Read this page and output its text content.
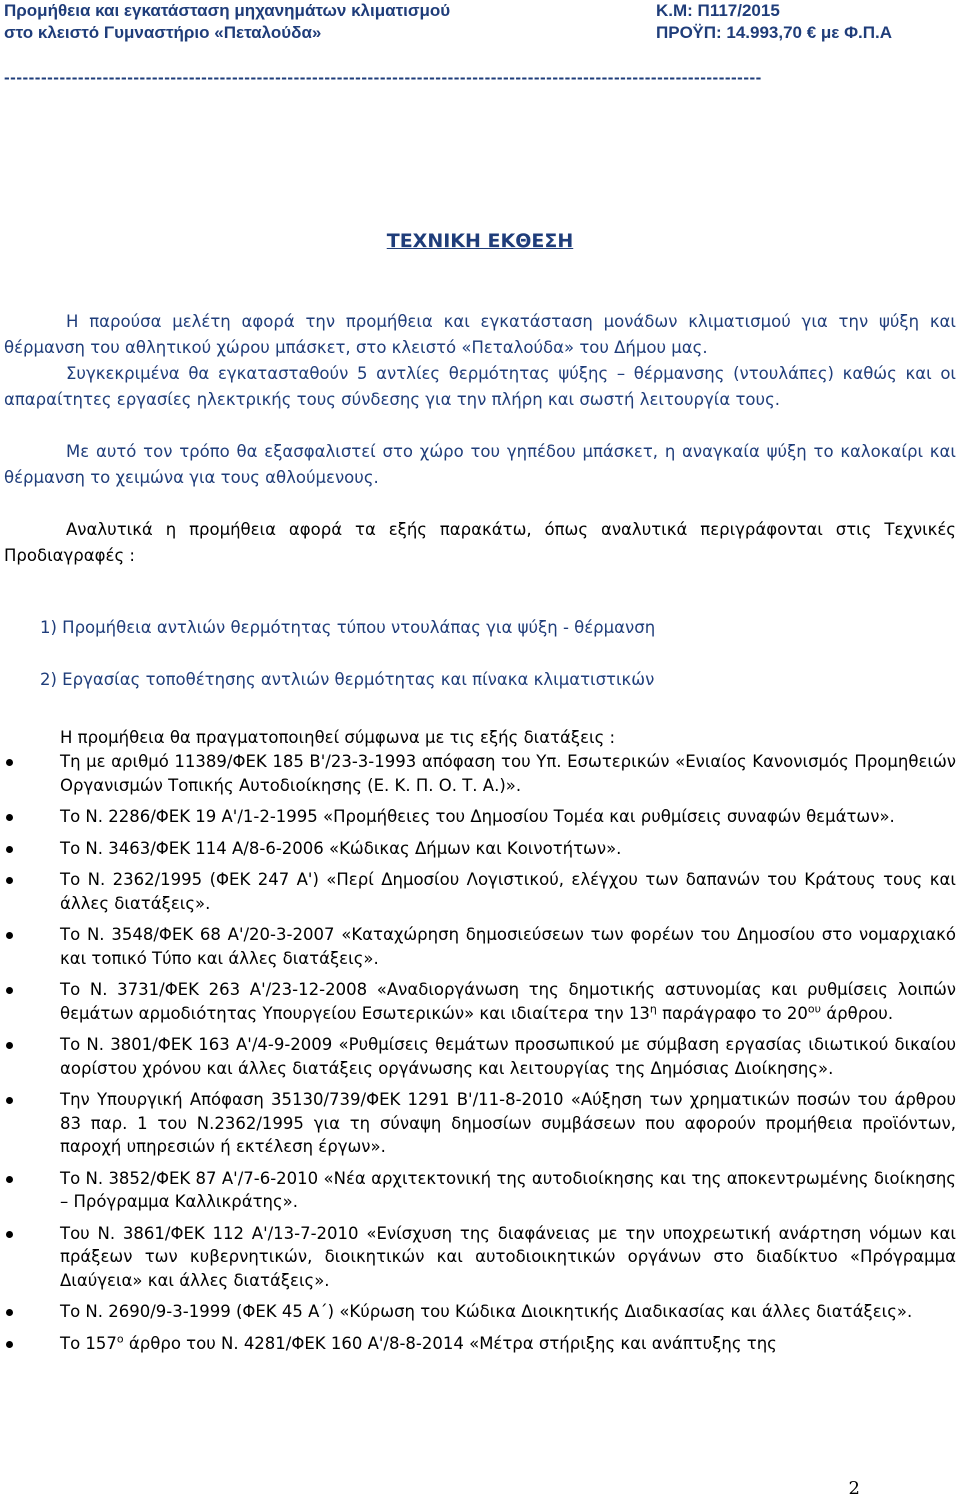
Προμήθεια και εγκατάσταση μηχανημάτων κλιματισμού	Κ.Μ: Π117/2015
στο κλειστό Γυμναστήριο «Πεταλούδα»	ΠΡΟΫΠ: 14.993,70 € με Φ.Π.Α
---------------------------------------------------------------------------------------------------------------------------
ΤΕΧΝΙΚΗ ΕΚΘΕΣΗ
Η παρούσα μελέτη αφορά την προμήθεια και εγκατάσταση μονάδων κλιματισμού για την ψύξη και θέρμανση του αθλητικού χώρου μπάσκετ, στο κλειστό «Πεταλούδα» του Δήμου μας.
Συγκεκριμένα θα εγκατασταθούν 5 αντλίες θερμότητας ψύξης – θέρμανσης (ντουλάπες) καθώς και οι απαραίτητες εργασίες ηλεκτρικής τους σύνδεσης για την πλήρη και σωστή λειτουργία τους.
Με αυτό τον τρόπο θα εξασφαλιστεί στο χώρο του γηπέδου μπάσκετ, η αναγκαία ψύξη το καλοκαίρι και θέρμανση το χειμώνα για τους αθλούμενους.
Αναλυτικά η προμήθεια αφορά τα εξής παρακάτω, όπως αναλυτικά περιγράφονται στις Τεχνικές Προδιαγραφές :
1) Προμήθεια αντλιών θερμότητας τύπου ντουλάπας για ψύξη - θέρμανση
2) Εργασίας τοποθέτησης αντλιών θερμότητας και πίνακα κλιματιστικών
Η προμήθεια θα πραγματοποιηθεί σύμφωνα με τις εξής διατάξεις :
Τη με αριθμό 11389/ΦΕΚ 185 Β'/23-3-1993 απόφαση του Υπ. Εσωτερικών «Ενιαίος Κανονισμός Προμηθειών Οργανισμών Τοπικής Αυτοδιοίκησης (Ε. Κ. Π. Ο. Τ. Α.)».
Το Ν. 2286/ΦΕΚ 19 Α'/1-2-1995 «Προμήθειες του Δημοσίου Τομέα και ρυθμίσεις συναφών θεμάτων».
Το Ν. 3463/ΦΕΚ 114 Α/8-6-2006 «Κώδικας Δήμων και Κοινοτήτων».
Το Ν. 2362/1995 (ΦΕΚ 247 Α') «Περί Δημοσίου Λογιστικού, ελέγχου των δαπανών του Κράτους τους και άλλες διατάξεις».
Το Ν. 3548/ΦΕΚ 68 Α'/20-3-2007 «Καταχώρηση δημοσιεύσεων των φορέων του Δημοσίου στο νομαρχιακό και τοπικό Τύπο και άλλες διατάξεις».
Το Ν. 3731/ΦΕΚ 263 Α'/23-12-2008 «Αναδιοργάνωση της δημοτικής αστυνομίας και ρυθμίσεις λοιπών θεμάτων αρμοδιότητας Υπουργείου Εσωτερικών» και ιδιαίτερα την $13^\eta$ παράγραφο το $20^{o\upsilon}$ άρθρου.
Το Ν. 3801/ΦΕΚ 163 Α'/4-9-2009 «Ρυθμίσεις θεμάτων προσωπικού με σύμβαση εργασίας ιδιωτικού δικαίου αορίστου χρόνου και άλλες διατάξεις οργάνωσης και λειτουργίας της Δημόσιας Διοίκησης».
Την Υπουργική Απόφαση 35130/739/ΦΕΚ 1291 Β'/11-8-2010 «Αύξηση των χρηματικών ποσών του άρθρου 83 παρ. 1 του Ν.2362/1995 για τη σύναψη δημοσίων συμβάσεων που αφορούν προμήθεια προϊόντων, παροχή υπηρεσιών ή εκτέλεση έργων».
Το Ν. 3852/ΦΕΚ 87 Α'/7-6-2010 «Νέα αρχιτεκτονική της αυτοδιοίκησης και της αποκεντρωμένης διοίκησης – Πρόγραμμα Καλλικράτης».
Του Ν. 3861/ΦΕΚ 112 Α'/13-7-2010 «Ενίσχυση της διαφάνειας με την υποχρεωτική ανάρτηση νόμων και πράξεων των κυβερνητικών, διοικητικών και αυτοδιοικητικών οργάνων στο διαδίκτυο «Πρόγραμμα Διαύγεια» και άλλες διατάξεις».
Το Ν. 2690/9-3-1999 (ΦΕΚ 45 Α΄) «Κύρωση του Κώδικα Διοικητικής Διαδικασίας και άλλες διατάξεις».
Το $157^o$ άρθρο του Ν. 4281/ΦΕΚ 160 Α'/8-8-2014 «Μέτρα στήριξης και ανάπτυξης της
2
